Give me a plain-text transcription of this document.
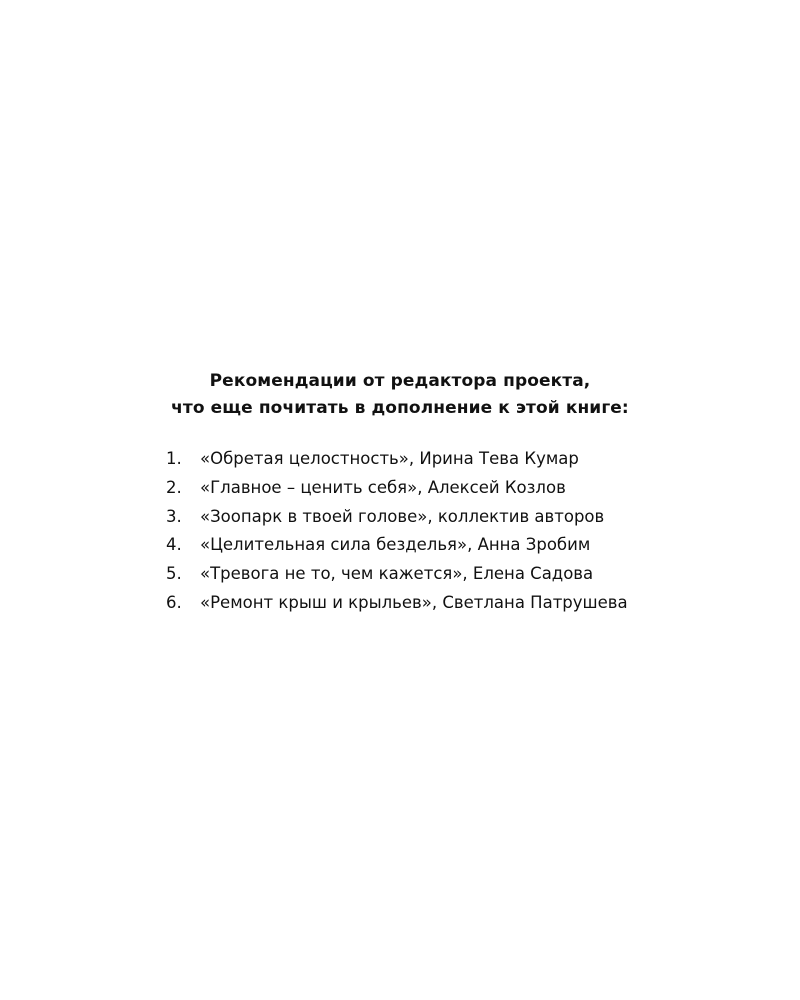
Рекомендации от редактора проекта,
что еще почитать в дополнение к этой книге:
1. «Обретая целостность», Ирина Тева Кумар
2. «Главное – ценить себя», Алексей Козлов
3. «Зоопарк в твоей голове», коллектив авторов
4. «Целительная сила безделья», Анна Зробим
5. «Тревога не то, чем кажется», Елена Садова
6. «Ремонт крыш и крыльев», Светлана Патрушева
